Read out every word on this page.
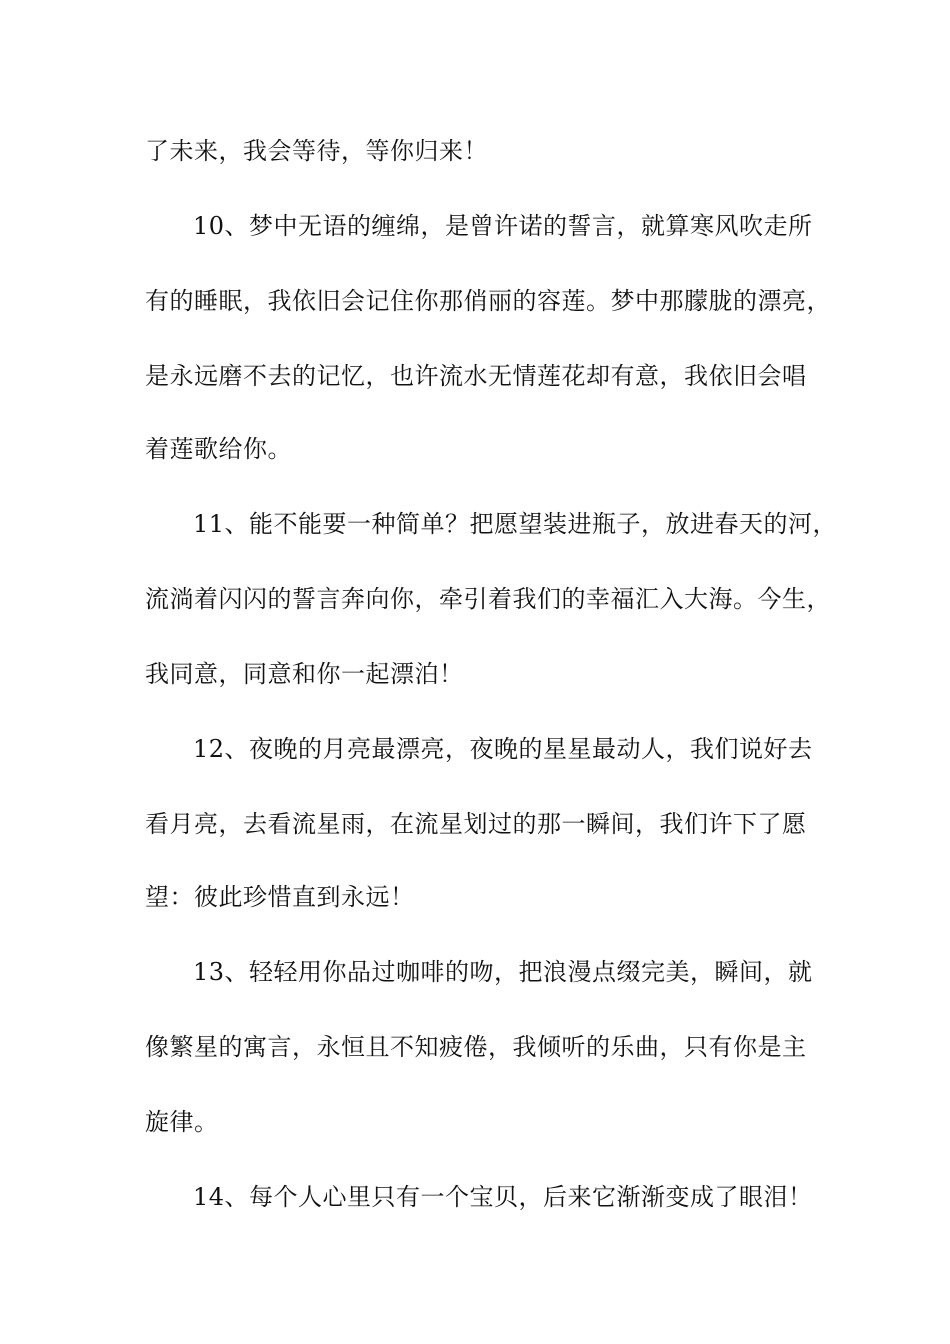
了未来，我会等待，等你归来！
10、梦中无语的缠绵，是曾许诺的誓言，就算寒风吹走所
有的睡眠，我依旧会记住你那俏丽的容莲。梦中那朦胧的漂亮，
是永远磨不去的记忆，也许流水无情莲花却有意，我依旧会唱
着莲歌给你。
11、能不能要一种简单？把愿望装进瓶子，放进春天的河，
流淌着闪闪的誓言奔向你，牵引着我们的幸福汇入大海。今生，
我同意，同意和你一起漂泊！
12、夜晚的月亮最漂亮，夜晚的星星最动人，我们说好去
看月亮，去看流星雨，在流星划过的那一瞬间，我们许下了愿
望：彼此珍惜直到永远！
13、轻轻用你品过咖啡的吻，把浪漫点缀完美，瞬间，就
像繁星的寓言，永恒且不知疲倦，我倾听的乐曲，只有你是主
旋律。
14、每个人心里只有一个宝贝，后来它渐渐变成了眼泪！
